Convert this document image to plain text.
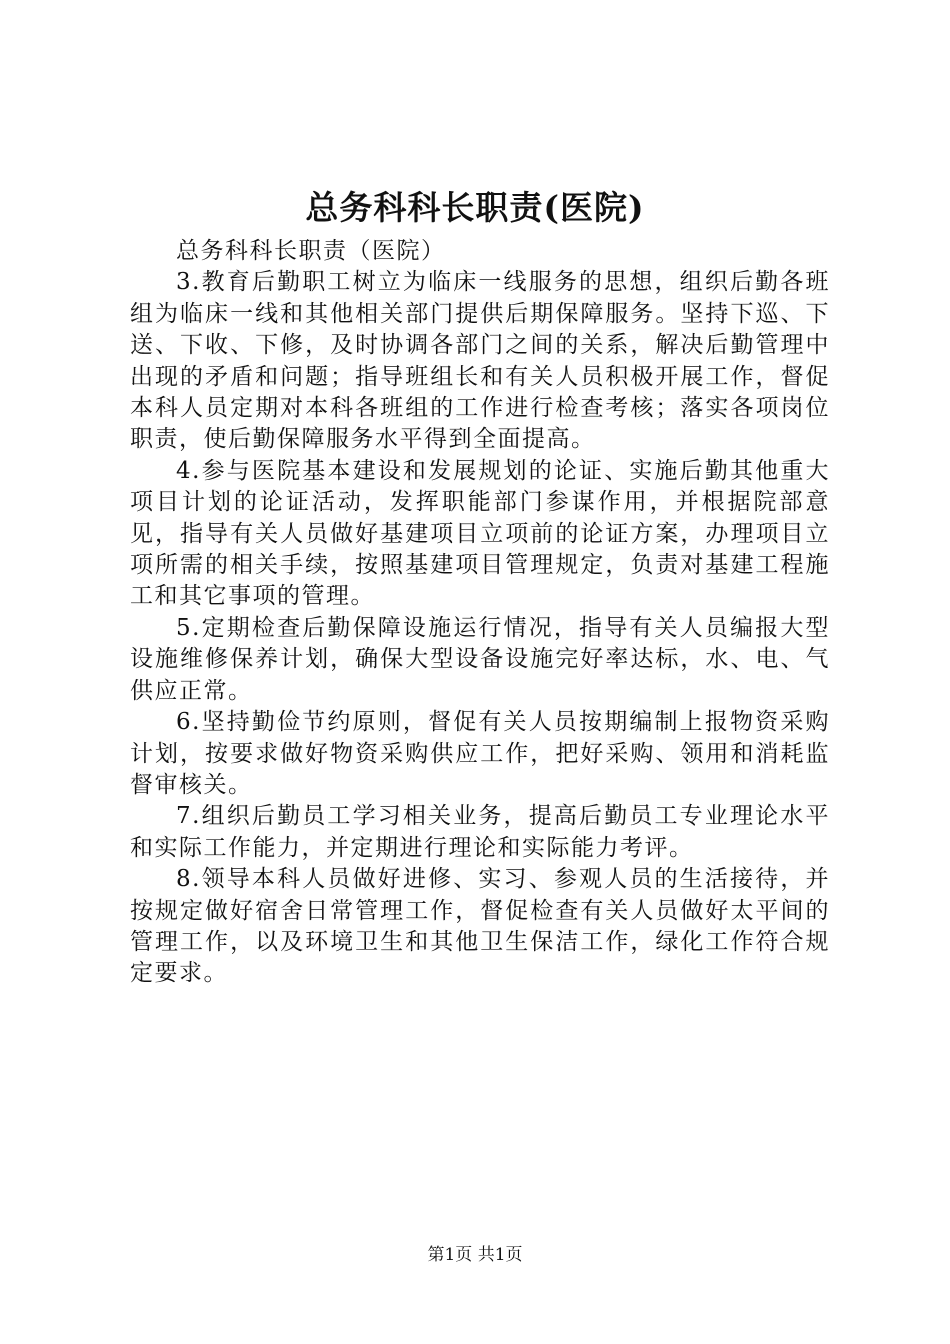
总务科科长职责(医院)

总务科科长职责（医院）

3.教育后勤职工树立为临床一线服务的思想，组织后勤各班组为临床一线和其他相关部门提供后期保障服务。坚持下巡、下送、下收、下修，及时协调各部门之间的关系，解决后勤管理中出现的矛盾和问题；指导班组长和有关人员积极开展工作，督促本科人员定期对本科各班组的工作进行检查考核；落实各项岗位职责，使后勤保障服务水平得到全面提高。

4.参与医院基本建设和发展规划的论证、实施后勤其他重大项目计划的论证活动，发挥职能部门参谋作用，并根据院部意见，指导有关人员做好基建项目立项前的论证方案，办理项目立项所需的相关手续，按照基建项目管理规定，负责对基建工程施工和其它事项的管理。

5.定期检查后勤保障设施运行情况，指导有关人员编报大型设施维修保养计划，确保大型设备设施完好率达标，水、电、气供应正常。

6.坚持勤俭节约原则，督促有关人员按期编制上报物资采购计划，按要求做好物资采购供应工作，把好采购、领用和消耗监督审核关。

7.组织后勤员工学习相关业务，提高后勤员工专业理论水平和实际工作能力，并定期进行理论和实际能力考评。

8.领导本科人员做好进修、实习、参观人员的生活接待，并按规定做好宿舍日常管理工作，督促检查有关人员做好太平间的管理工作，以及环境卫生和其他卫生保洁工作，绿化工作符合规定要求。

第1页 共1页
